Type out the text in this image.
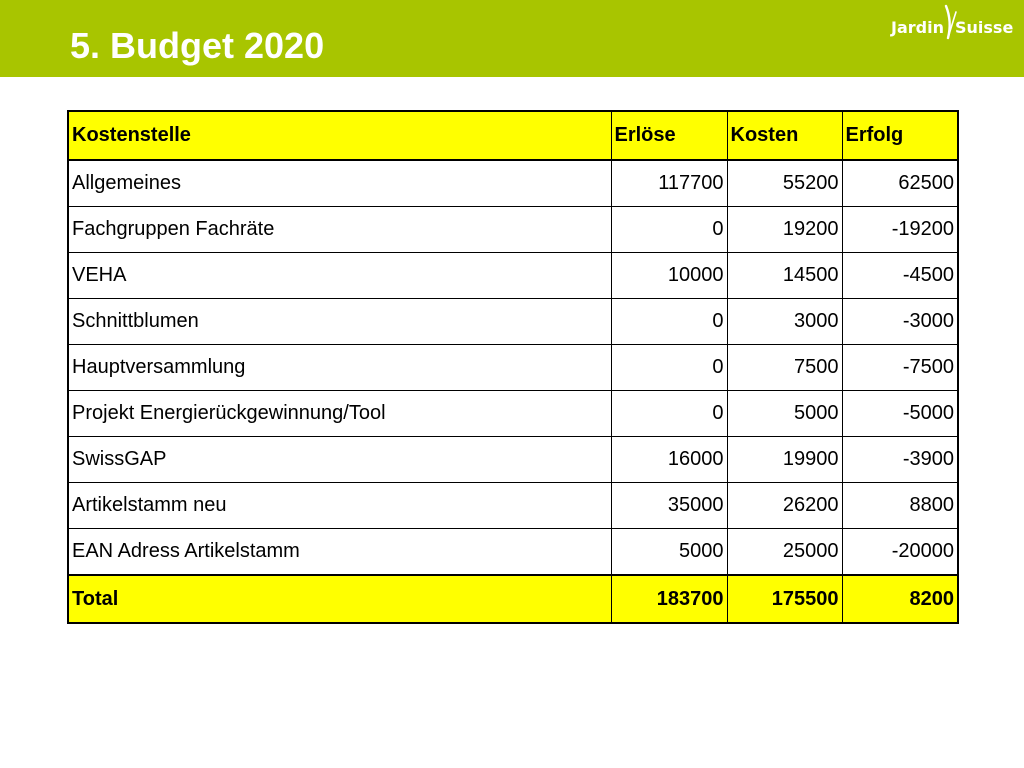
5. Budget 2020	Jardin Suisse
Kostenstelle	Erlöse	Kosten	Erfolg
Allgemeines	117700	55200	62500
Fachgruppen Fachräte	0	19200	-19200
VEHA	10000	14500	-4500
Schnittblumen	0	3000	-3000
Hauptversammlung	0	7500	-7500
Projekt Energierückgewinnung/Tool	0	5000	-5000
SwissGAP	16000	19900	-3900
Artikelstamm neu	35000	26200	8800
EAN Adress Artikelstamm	5000	25000	-20000
Total	183700	175500	8200
